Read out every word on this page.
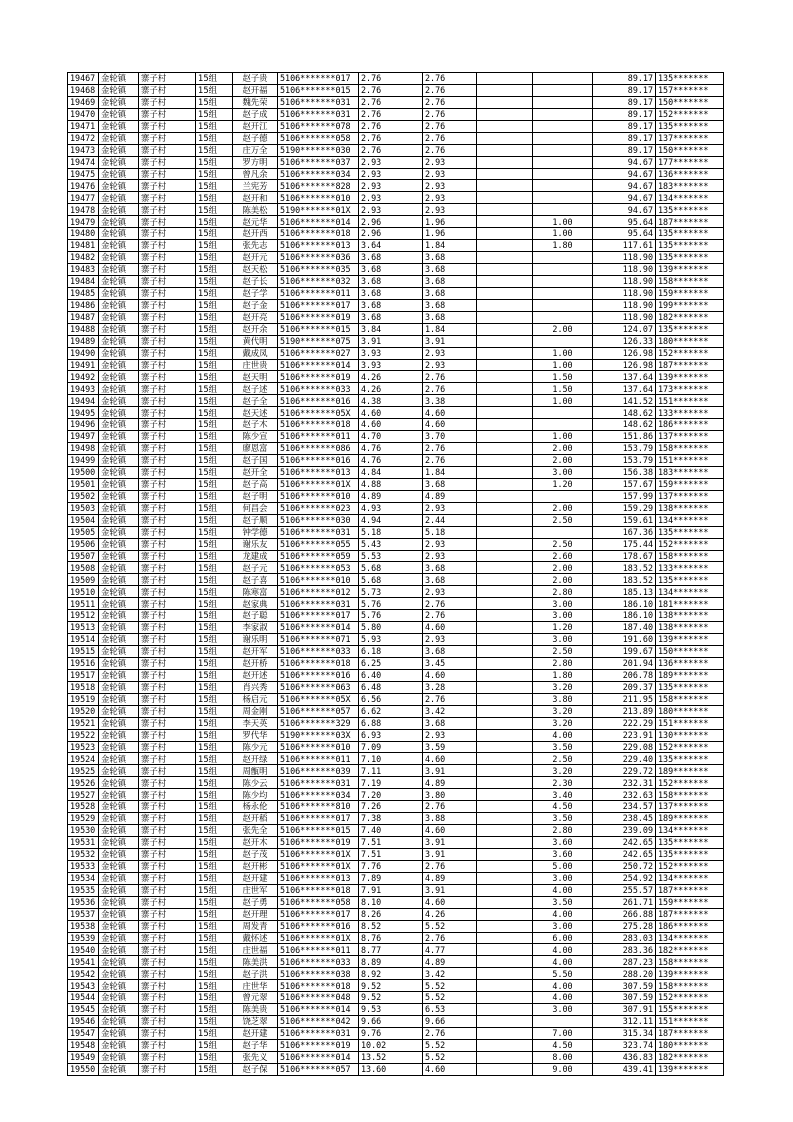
19467	金轮镇	寨子村	15组	赵子贵	5106*******017	2.76	2.76			89.17	135*******
19468	金轮镇	寨子村	15组	赵开福	5106*******015	2.76	2.76			89.17	157*******
19469	金轮镇	寨子村	15组	魏先荣	5106*******031	2.76	2.76			89.17	150*******
19470	金轮镇	寨子村	15组	赵子成	5106*******031	2.76	2.76			89.17	152*******
19471	金轮镇	寨子村	15组	赵开江	5106*******078	2.76	2.76			89.17	135*******
19472	金轮镇	寨子村	15组	赵子德	5106*******058	2.76	2.76			89.17	137*******
19473	金轮镇	寨子村	15组	庄万全	5190*******030	2.76	2.76			89.17	150*******
19474	金轮镇	寨子村	15组	罗方明	5106*******037	2.93	2.93			94.67	177*******
19475	金轮镇	寨子村	15组	曾凡余	5106*******034	2.93	2.93			94.67	136*******
19476	金轮镇	寨子村	15组	兰宪芳	5106*******828	2.93	2.93			94.67	183*******
19477	金轮镇	寨子村	15组	赵开和	5106*******010	2.93	2.93			94.67	134*******
19478	金轮镇	寨子村	15组	陈美松	5190*******01X	2.93	2.93			94.67	135*******
19479	金轮镇	寨子村	15组	赵元华	5106*******014	2.96	1.96		1.00	95.64	187*******
19480	金轮镇	寨子村	15组	赵开西	5106*******018	2.96	1.96		1.00	95.64	135*******
19481	金轮镇	寨子村	15组	张先志	5106*******013	3.64	1.84		1.80	117.61	135*******
19482	金轮镇	寨子村	15组	赵开元	5106*******036	3.68	3.68			118.90	135*******
19483	金轮镇	寨子村	15组	赵天松	5106*******035	3.68	3.68			118.90	139*******
19484	金轮镇	寨子村	15组	赵子长	5106*******032	3.68	3.68			118.90	158*******
19485	金轮镇	寨子村	15组	赵子学	5106*******011	3.68	3.68			118.90	159*******
19486	金轮镇	寨子村	15组	赵子金	5106*******017	3.68	3.68			118.90	199*******
19487	金轮镇	寨子村	15组	赵开亮	5106*******019	3.68	3.68			118.90	182*******
19488	金轮镇	寨子村	15组	赵开余	5106*******015	3.84	1.84		2.00	124.07	135*******
19489	金轮镇	寨子村	15组	黄代明	5190*******075	3.91	3.91			126.33	180*******
19490	金轮镇	寨子村	15组	戴成凤	5106*******027	3.93	2.93		1.00	126.98	152*******
19491	金轮镇	寨子村	15组	庄世贵	5106*******014	3.93	2.93		1.00	126.98	187*******
19492	金轮镇	寨子村	15组	赵天明	5106*******019	4.26	2.76		1.50	137.64	139*******
19493	金轮镇	寨子村	15组	赵子述	5106*******033	4.26	2.76		1.50	137.64	173*******
19494	金轮镇	寨子村	15组	赵子全	5106*******016	4.38	3.38		1.00	141.52	151*******
19495	金轮镇	寨子村	15组	赵天述	5106*******05X	4.60	4.60			148.62	133*******
19496	金轮镇	寨子村	15组	赵子木	5106*******018	4.60	4.60			148.62	186*******
19497	金轮镇	寨子村	15组	陈少宣	5106*******011	4.70	3.70		1.00	151.86	137*******
19498	金轮镇	寨子村	15组	廖恩富	5106*******086	4.76	2.76		2.00	153.79	158*******
19499	金轮镇	寨子村	15组	赵子国	5106*******016	4.76	2.76		2.00	153.79	151*******
19500	金轮镇	寨子村	15组	赵开全	5106*******013	4.84	1.84		3.00	156.38	183*******
19501	金轮镇	寨子村	15组	赵子高	5106*******01X	4.88	3.68		1.20	157.67	159*******
19502	金轮镇	寨子村	15组	赵子明	5106*******010	4.89	4.89			157.99	137*******
19503	金轮镇	寨子村	15组	何昌会	5106*******023	4.93	2.93		2.00	159.29	138*******
19504	金轮镇	寨子村	15组	赵子顺	5106*******030	4.94	2.44		2.50	159.61	134*******
19505	金轮镇	寨子村	15组	钟学德	5106*******031	5.18	5.18			167.36	135*******
19506	金轮镇	寨子村	15组	谢乐友	5106*******055	5.43	2.93		2.50	175.44	152*******
19507	金轮镇	寨子村	15组	龙建成	5106*******059	5.53	2.93		2.60	178.67	158*******
19508	金轮镇	寨子村	15组	赵子元	5106*******053	5.68	3.68		2.00	183.52	133*******
19509	金轮镇	寨子村	15组	赵子喜	5106*******010	5.68	3.68		2.00	183.52	135*******
19510	金轮镇	寨子村	15组	陈寒富	5106*******012	5.73	2.93		2.80	185.13	134*******
19511	金轮镇	寨子村	15组	赵家典	5106*******031	5.76	2.76		3.00	186.10	181*******
19512	金轮镇	寨子村	15组	赵子聪	5106*******017	5.76	2.76		3.00	186.10	138*******
19513	金轮镇	寨子村	15组	李家淑	5106*******014	5.80	4.60		1.20	187.40	138*******
19514	金轮镇	寨子村	15组	谢乐明	5106*******071	5.93	2.93		3.00	191.60	139*******
19515	金轮镇	寨子村	15组	赵开军	5106*******033	6.18	3.68		2.50	199.67	150*******
19516	金轮镇	寨子村	15组	赵开桥	5106*******018	6.25	3.45		2.80	201.94	136*******
19517	金轮镇	寨子村	15组	赵开述	5106*******016	6.40	4.60		1.80	206.78	189*******
19518	金轮镇	寨子村	15组	肖兴秀	5106*******063	6.48	3.28		3.20	209.37	135*******
19519	金轮镇	寨子村	15组	杨启元	5106*******05X	6.56	2.76		3.80	211.95	158*******
19520	金轮镇	寨子村	15组	周金刚	5106*******057	6.62	3.42		3.20	213.89	180*******
19521	金轮镇	寨子村	15组	李天英	5106*******329	6.88	3.68		3.20	222.29	151*******
19522	金轮镇	寨子村	15组	罗代华	5190*******03X	6.93	2.93		4.00	223.91	130*******
19523	金轮镇	寨子村	15组	陈少元	5106*******010	7.09	3.59		3.50	229.08	152*******
19524	金轮镇	寨子村	15组	赵开绿	5106*******011	7.10	4.60		2.50	229.40	135*******
19525	金轮镇	寨子村	15组	周甑明	5106*******039	7.11	3.91		3.20	229.72	189*******
19526	金轮镇	寨子村	15组	陈少云	5106*******031	7.19	4.89		2.30	232.31	152*******
19527	金轮镇	寨子村	15组	陈少均	5106*******034	7.20	3.80		3.40	232.63	158*******
19528	金轮镇	寨子村	15组	杨永伦	5106*******810	7.26	2.76		4.50	234.57	137*******
19529	金轮镇	寨子村	15组	赵开稻	5106*******017	7.38	3.88		3.50	238.45	189*******
19530	金轮镇	寨子村	15组	张先全	5106*******015	7.40	4.60		2.80	239.09	134*******
19531	金轮镇	寨子村	15组	赵开木	5106*******019	7.51	3.91		3.60	242.65	135*******
19532	金轮镇	寨子村	15组	赵子茂	5106*******01X	7.51	3.91		3.60	242.65	135*******
19533	金轮镇	寨子村	15组	赵开彬	5106*******01X	7.76	2.76		5.00	250.72	152*******
19534	金轮镇	寨子村	15组	赵开建	5106*******013	7.89	4.89		3.00	254.92	134*******
19535	金轮镇	寨子村	15组	庄世军	5106*******018	7.91	3.91		4.00	255.57	187*******
19536	金轮镇	寨子村	15组	赵子勇	5106*******058	8.10	4.60		3.50	261.71	159*******
19537	金轮镇	寨子村	15组	赵开理	5106*******017	8.26	4.26		4.00	266.88	187*******
19538	金轮镇	寨子村	15组	周发青	5106*******016	8.52	5.52		3.00	275.28	186*******
19539	金轮镇	寨子村	15组	戴怀述	5106*******01X	8.76	2.76		6.00	283.03	134*******
19540	金轮镇	寨子村	15组	庄世福	5106*******011	8.77	4.77		4.00	283.36	182*******
19541	金轮镇	寨子村	15组	陈美洪	5106*******033	8.89	4.89		4.00	287.23	158*******
19542	金轮镇	寨子村	15组	赵子洪	5106*******038	8.92	3.42		5.50	288.20	139*******
19543	金轮镇	寨子村	15组	庄世华	5106*******018	9.52	5.52		4.00	307.59	158*******
19544	金轮镇	寨子村	15组	曾元翠	5106*******048	9.52	5.52		4.00	307.59	152*******
19545	金轮镇	寨子村	15组	陈美贵	5106*******014	9.53	6.53		3.00	307.91	155*******
19546	金轮镇	寨子村	15组	饶芝翠	5106*******042	9.66	9.66			312.11	151*******
19547	金轮镇	寨子村	15组	赵开建	5106*******031	9.76	2.76		7.00	315.34	187*******
19548	金轮镇	寨子村	15组	赵子华	5106*******019	10.02	5.52		4.50	323.74	180*******
19549	金轮镇	寨子村	15组	张先义	5106*******014	13.52	5.52		8.00	436.83	182*******
19550	金轮镇	寨子村	15组	赵子保	5106*******057	13.60	4.60		9.00	439.41	139*******
